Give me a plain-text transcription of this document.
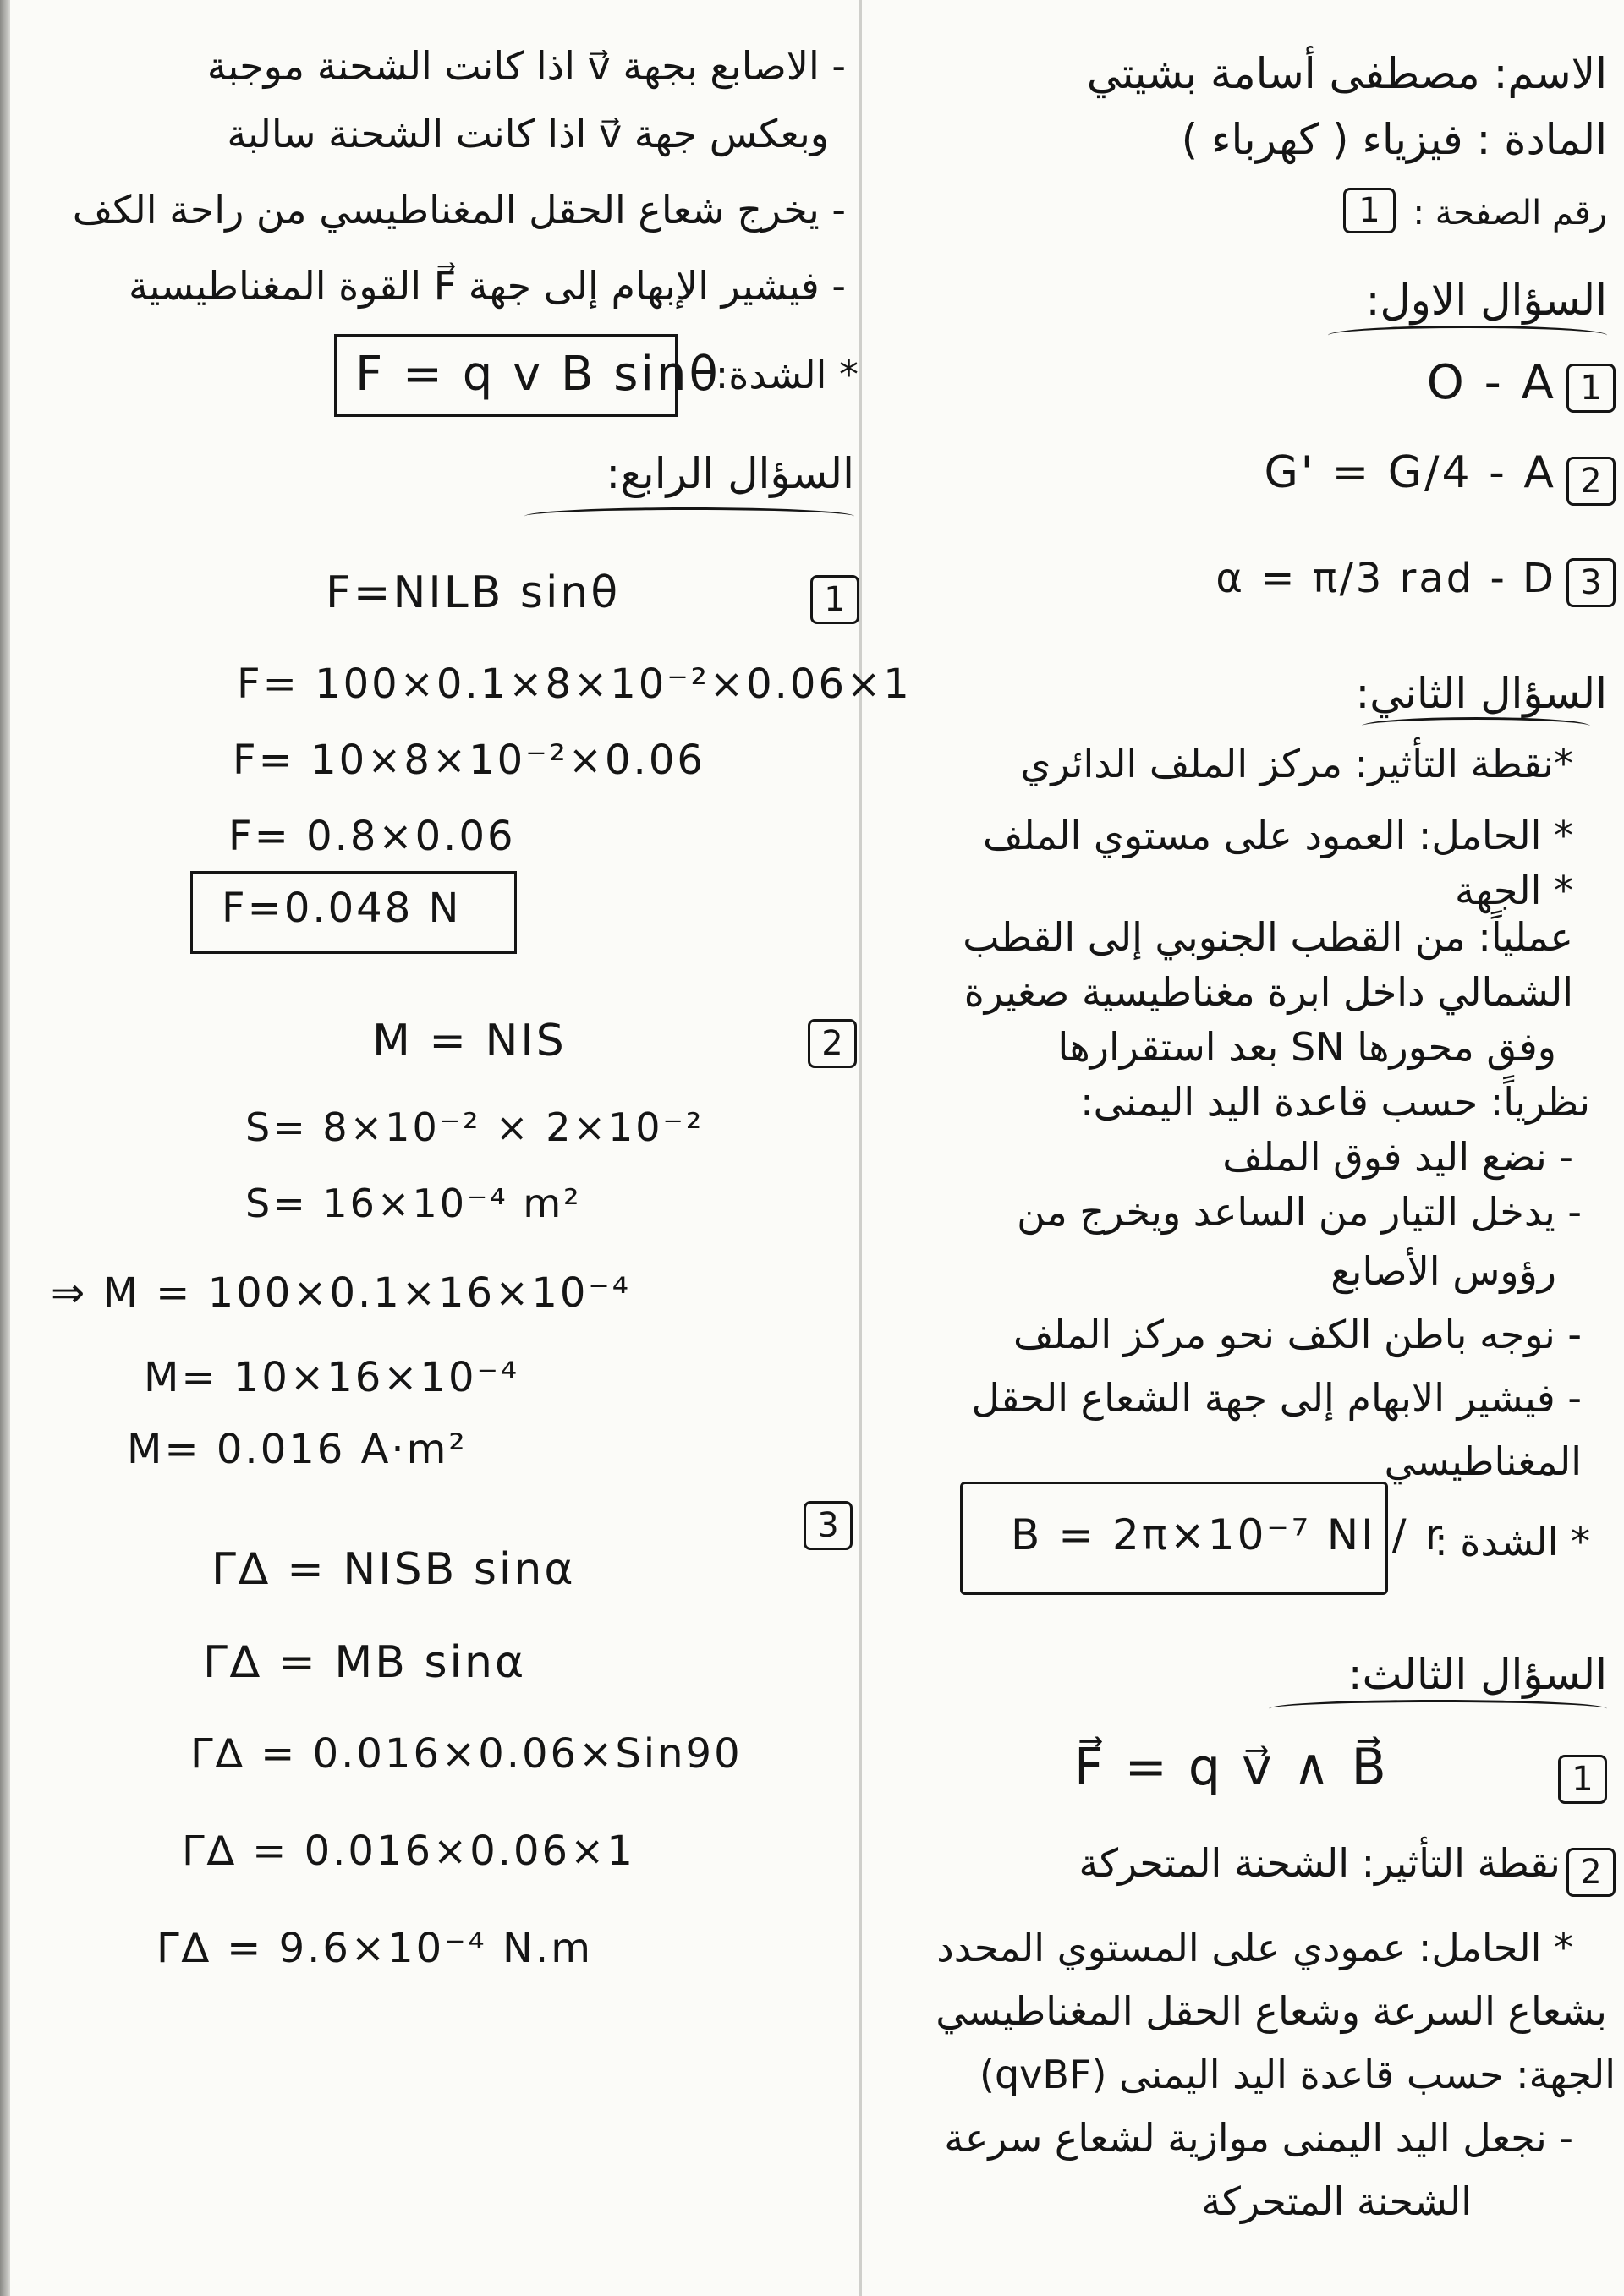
الاسم: مصطفى أسامة بشيتي
المادة : فيزياء ( كهرباء )
رقم الصفحة :
1
السؤال الاول:
1
O - A
2
G' = G/4 - A
3
α = π/3 rad - D
السؤال الثاني:
*نقطة التأثير: مركز الملف الدائري
* الحامل: العمود على مستوي الملف
* الجهة
عملياً: من القطب الجنوبي إلى القطب
الشمالي داخل ابرة مغناطيسية صغيرة
وفق محورها SN بعد استقرارها
نظرياً: حسب قاعدة اليد اليمنى:
- نضع اليد فوق الملف
- يدخل التيار من الساعد ويخرج من
رؤوس الأصابع
- نوجه باطن الكف نحو مركز الملف
- فيشير الابهام إلى جهة الشعاع الحقل
المغناطيسي
* الشدة :
B = 2π×10⁻⁷ NI / r
السؤال الثالث:
1
F⃗ = q v⃗ ∧ B⃗
2
نقطة التأثير: الشحنة المتحركة
* الحامل: عمودي على المستوي المحدد
بشعاع السرعة وشعاع الحقل المغناطيسي
الجهة: حسب قاعدة اليد اليمنى (qvBF)
- نجعل اليد اليمنى موازية لشعاع سرعة
الشحنة المتحركة
- الاصابع بجهة v⃗ اذا كانت الشحنة موجبة
وبعكس جهة v⃗ اذا كانت الشحنة سالبة
- يخرج شعاع الحقل المغناطيسي من راحة الكف
- فيشير الإبهام إلى جهة F⃗ القوة المغناطيسية
* الشدة:
F = q v B sinθ
السؤال الرابع:
1
F=NILB sinθ
F= 100×0.1×8×10⁻²×0.06×1
F= 10×8×10⁻²×0.06
F= 0.8×0.06
F=0.048 N
2
M = NIS
S= 8×10⁻² × 2×10⁻²
S= 16×10⁻⁴ m²
⇒ M = 100×0.1×16×10⁻⁴
M= 10×16×10⁻⁴
M= 0.016 A·m²
3
Γ∆ = NISB sinα
Γ∆ = MB sinα
Γ∆ = 0.016×0.06×Sin90
Γ∆ = 0.016×0.06×1
Γ∆ = 9.6×10⁻⁴ N.m
